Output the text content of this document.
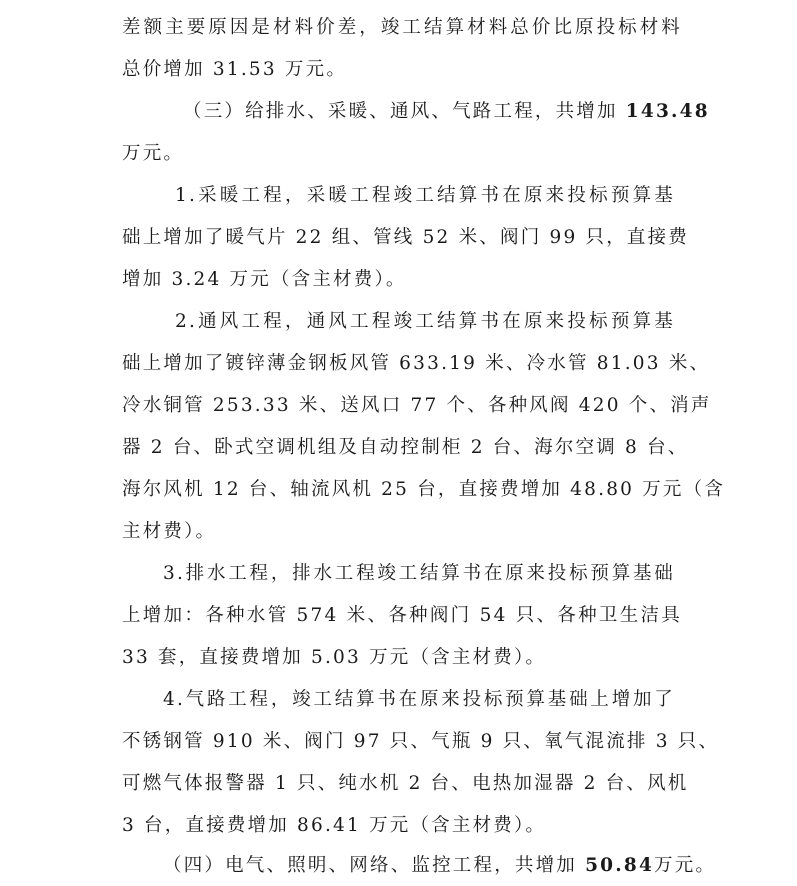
差额主要原因是材料价差，竣工结算材料总价比原投标材料
总价增加 31.53 万元。
（三）给排水、采暖、通风、气路工程，共增加 143.48
万元。
1.采暖工程，采暖工程竣工结算书在原来投标预算基
础上增加了暖气片 22 组、管线 52 米、阀门 99 只，直接费
增加 3.24 万元（含主材费）。
2.通风工程，通风工程竣工结算书在原来投标预算基
础上增加了镀锌薄金钢板风管 633.19 米、冷水管 81.03 米、
冷水铜管 253.33 米、送风口 77 个、各种风阀 420 个、消声
器 2 台、卧式空调机组及自动控制柜 2 台、海尔空调 8 台、
海尔风机 12 台、轴流风机 25 台，直接费增加 48.80 万元（含
主材费）。
3.排水工程，排水工程竣工结算书在原来投标预算基础
上增加：各种水管 574 米、各种阀门 54 只、各种卫生洁具
33 套，直接费增加 5.03 万元（含主材费）。
4.气路工程，竣工结算书在原来投标预算基础上增加了
不锈钢管 910 米、阀门 97 只、气瓶 9 只、氧气混流排 3 只、
可燃气体报警器 1 只、纯水机 2 台、电热加湿器 2 台、风机
3 台，直接费增加 86.41 万元（含主材费）。
（四）电气、照明、网络、监控工程，共增加 50.84万元。
